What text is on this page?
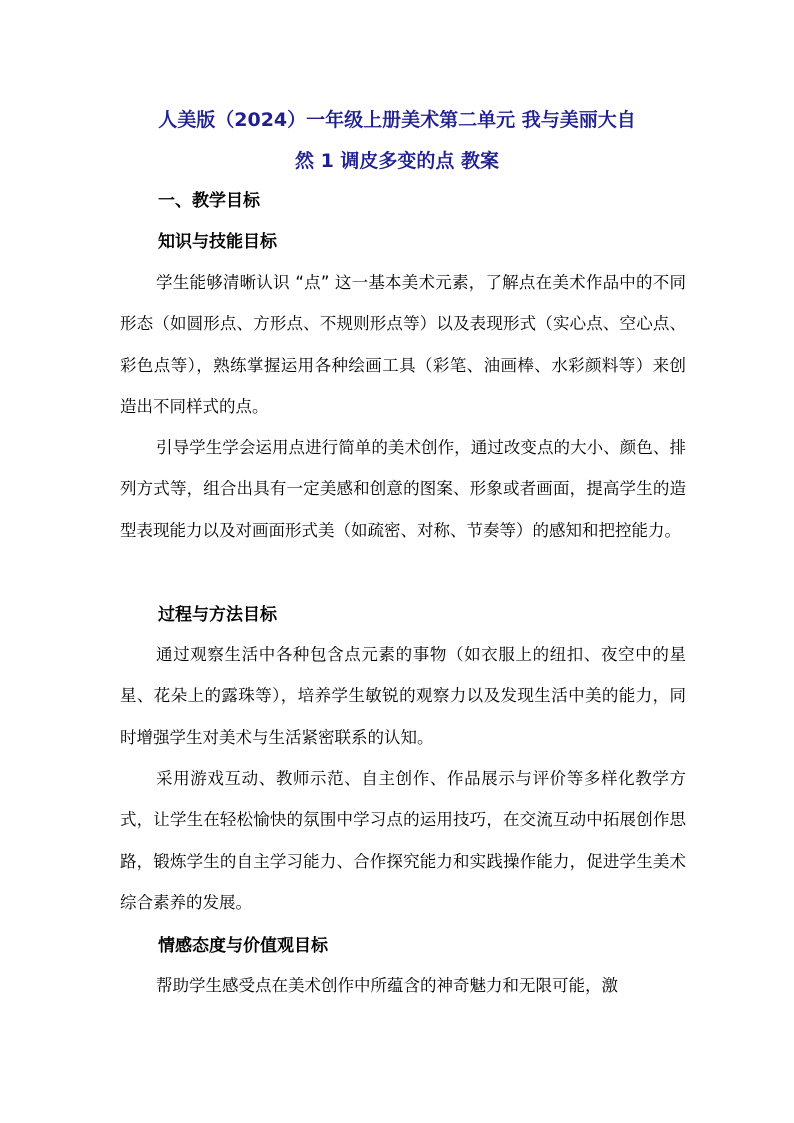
人美版（2024）一年级上册美术第二单元 我与美丽大自
然 1 调皮多变的点 教案
一、教学目标
知识与技能目标

学生能够清晰认识 “点” 这一基本美术元素，了解点在美术作品中的不同形态（如圆形点、方形点、不规则形点等）以及表现形式（实心点、空心点、彩色点等），熟练掌握运用各种绘画工具（彩笔、油画棒、水彩颜料等）来创造出不同样式的点。

引导学生学会运用点进行简单的美术创作，通过改变点的大小、颜色、排列方式等，组合出具有一定美感和创意的图案、形象或者画面，提高学生的造型表现能力以及对画面形式美（如疏密、对称、节奏等）的感知和把控能力。

过程与方法目标

通过观察生活中各种包含点元素的事物（如衣服上的纽扣、夜空中的星星、花朵上的露珠等），培养学生敏锐的观察力以及发现生活中美的能力，同时增强学生对美术与生活紧密联系的认知。

采用游戏互动、教师示范、自主创作、作品展示与评价等多样化教学方式，让学生在轻松愉快的氛围中学习点的运用技巧，在交流互动中拓展创作思路，锻炼学生的自主学习能力、合作探究能力和实践操作能力，促进学生美术综合素养的发展。

情感态度与价值观目标

帮助学生感受点在美术创作中所蕴含的神奇魅力和无限可能，激
